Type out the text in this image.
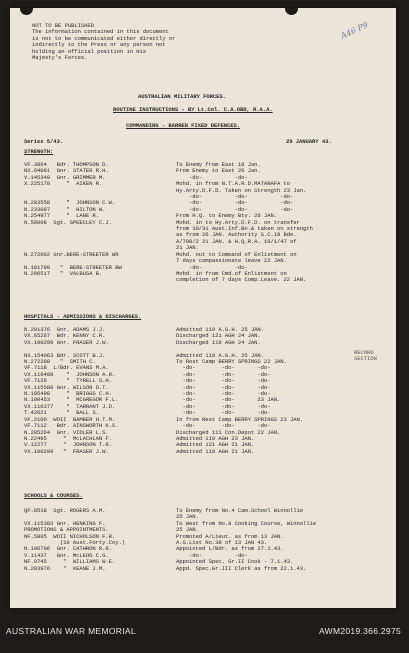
A46 P9
NOT TO BE PUBLISHED
The information contained in this document
is not to be communicated either directly or
indirectly to the Press or any person not
holding an official position in His
Majesty's Forces.
AUSTRALIAN MILITARY FORCES.
ROUTINE INSTRUCTIONS - BY Lt.Col. C.A.OBD, R.A.A.
COMMANDING - BARREN FIXED DEFENCES.
Series 5/43.	29 JANUARY 43.
STRENGTH:
VF.3864   Bdr. THOMPSON D.
NX.64081  Gnr. STATER R.H.
V.145349  Gnr. GRIMMER M.
X.225178     "  AIKEN R.

N.283558     "  JOHNSON C.W.
N.233097     "  HILTON W.
N.254977     "  LANE R.
N.59008  Sgt. SPEECLEY C.J.

N.272092 Gnr.BERE-STREETER WR

N.101799   "  BERE-STREETER BW
N.296517   "  VALBUSA B.
To Enemy from East 18 Jan.
From Enemy to East 26 Jan.
-do-          -do-
Mohd. in from N.T.A.R.D.MATARAFA to
Hy.Arty.D.F.D. Taken on Strength 23 Jan.
-do-          -do-          -do-
-do-          -do-          -do-
-do-          -do-          -do-
From H.Q. to Enemy Bty. 26 JAN.
Mohd. in to Hy.Arty.D.F.D. on transfer
from 10/31 Aust.Inf.Bn.& taken on strength
as from 26 JAN. Authority S.C.19 Bde.
A/708/2 21 JAN. & H.Q.R.A. 10/1/47 of
21 JAN.
Mohd. out to Command of Enlistment on
7 days compassionate leave 22 JAN.
-do-          -do-
Mohd. in from Cmd.of Enlistment on
completion of 7 days Comp.Leave. 22 JAN.
HOSPITALS - ADMISSIONS & DISCHARGES.
N.201376  Gnr. ADAMS J.J.
VX.65267  Bdr. KENNY C.R.
VX.100299 Gnr. FRASER J.W.

NX.154063 Bdr. SCOTT B.J.
N.272288   "  SMITH C.
VF.7118  L/Bdr. EVANS M.A.
VX.116408    "  JOHNSON A.R.
VF.7126      "  TYRELL S.H.
VX.115589 Gnr. WILSON D.T.
N.195498     "  BRIGGS C.H.
N.100453     "  MCGREGOR F.L.
VX.116377    "  TARRANT J.D.
T.42621      "  BALL S.
VF.2100  WOII  BAMBER H.T.M.
VF.7112   Bdr. AINSWORTH K.S.
N.285264  Gnr. VIDLER L.S.
N.22495     "  McLACHLAN F.
V.12277     "  JOHNSON T.R.
VX.100299   "  FRASER J.W.
Admitted 119 A.G.H. 25 JAN.
Discharged 121 AGH 24 JAN.
Discharged 119 AGH 24 JAN.

Admitted 119 A.G.H. 25 JAN.
To Rest Camp BERRY SPRINGS 22 JAN.
-do-        -do-       -do-
-do-        -do-       -do-
-do-        -do-       -do-
-do-        -do-       -do-
-do-        -do-       -do-
-do-        -do-       23 JAN.
-do-        -do-       -do-
-do-        -do-       -do-
In from Rest Camp BERRY SPRINGS 23 JAN.
-do-        -do-       -do-
Discharged 111 Con.Depot 22 JAN.
Admitted 119 AGH 23 JAN.
Admitted 121 AGH 21 JAN.
Admitted 119 AGH 21 JAN.
RECORD
SECTION
SCHOOLS & COURSES.
QF.8518  Sgt. ROGERS A.M.

VX.115383 Gnr. HENKING F.
PROMOTIONS & APPOINTMENTS.
NF.5805  WOII NICHOLSON F.R.
(10 Aust.Forty.Coy.)
N.106796  Gnr. CATHRON R.R.
V.11437   Gnr. McLEOD C.G.
NF.9745     "  WILLIAMS W.E.
N.283976    "  KEANE J.M.
To Enemy from No.4 Cam.School Winnollie
25 JAN.
To West from No.8 Cooking Course, Winnollie
25 JAN.
Promoted A/Lieut. as from 13 JAN.
A.G.List No.38 of 13 JAN 43.
Appointed L/Bdr. as from 27.1.43.
-do-          -do-
Appointed Spec. Gr.II Cook - 7.1.43.
Appd. Spec.Gr.III Clerk as from 22.1.43.
AUSTRALIAN WAR MEMORIAL	AWM2019.366.2975
